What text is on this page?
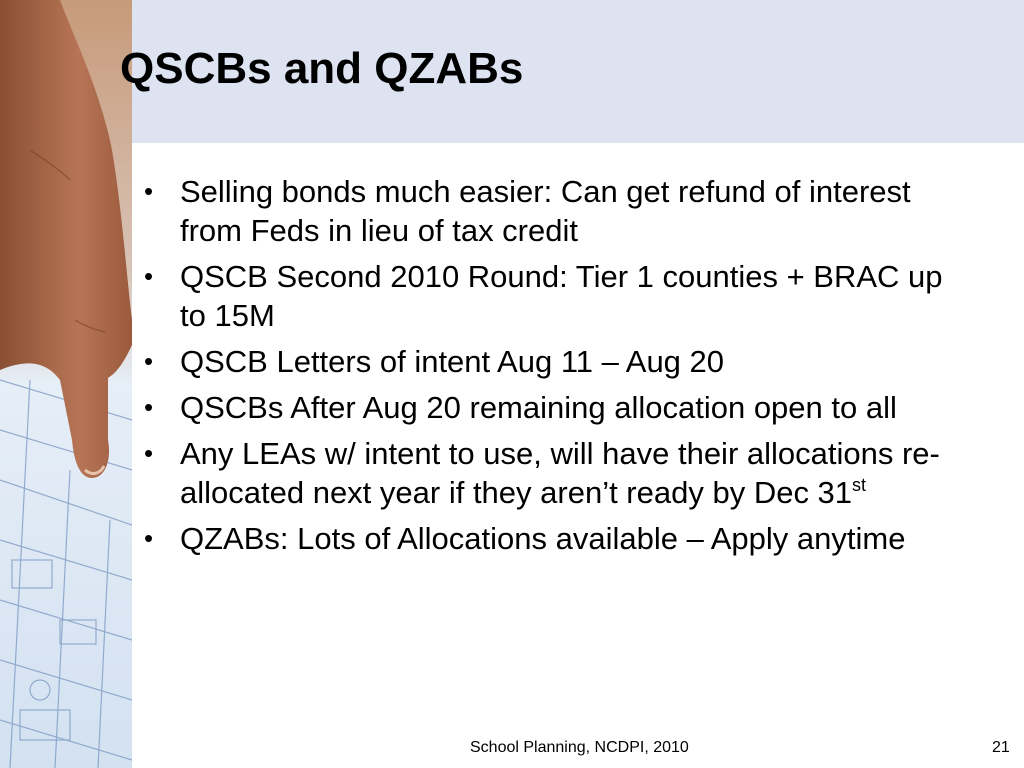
QSCBs and QZABs
• Selling bonds much easier: Can get refund of interest from Feds in lieu of tax credit
• QSCB Second 2010 Round: Tier 1 counties + BRAC up to 15M
• QSCB Letters of intent Aug 11 – Aug 20
• QSCBs After Aug 20 remaining allocation open to all
• Any LEAs w/ intent to use, will have their allocations re-allocated next year if they aren’t ready by Dec 31st
• QZABs: Lots of Allocations available – Apply anytime
School Planning, NCDPI, 2010	21
